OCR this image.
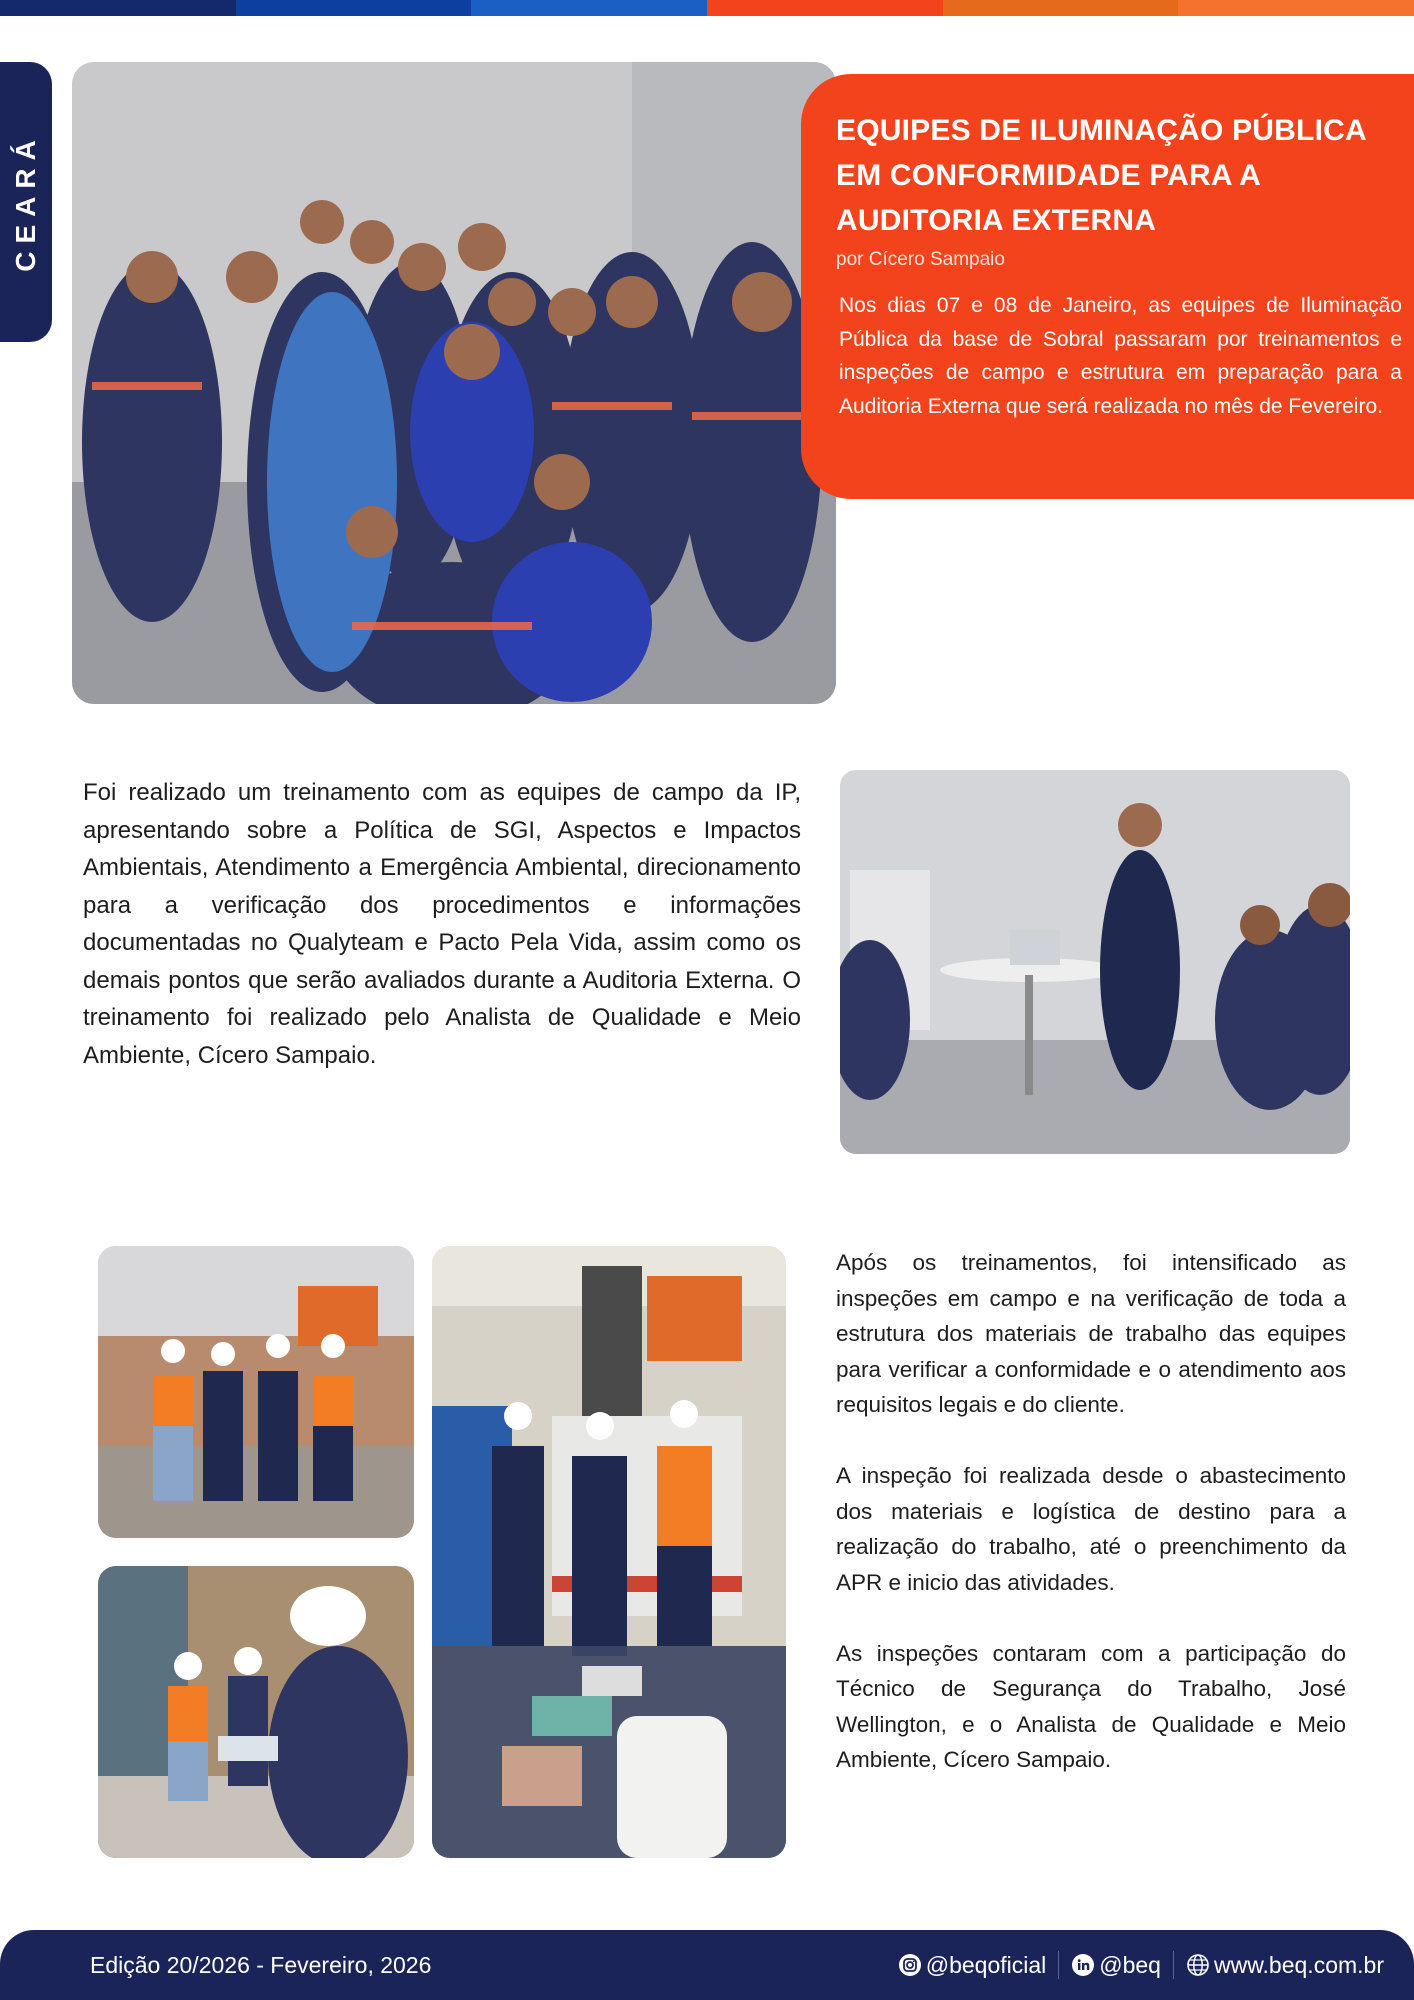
CEARÁ
EQUIPES DE ILUMINAÇÃO PÚBLICA EM CONFORMIDADE PARA A AUDITORIA EXTERNA
por Cícero Sampaio

Nos dias 07 e 08 de Janeiro, as equipes de Iluminação Pública da base de Sobral passaram por treinamentos e inspeções de campo e estrutura em preparação para a Auditoria Externa que será realizada no mês de Fevereiro.

Foi realizado um treinamento com as equipes de campo da IP, apresentando sobre a Política de SGI, Aspectos e Impactos Ambientais, Atendimento a Emergência Ambiental, direcionamento para a verificação dos procedimentos e informações documentadas no Qualyteam e Pacto Pela Vida, assim como os demais pontos que serão avaliados durante a Auditoria Externa. O treinamento foi realizado pelo Analista de Qualidade e Meio Ambiente, Cícero Sampaio.

Após os treinamentos, foi intensificado as inspeções em campo e na verificação de toda a estrutura dos materiais de trabalho das equipes para verificar a conformidade e o atendimento aos requisitos legais e do cliente.

A inspeção foi realizada desde o abastecimento dos materiais e logística de destino para a realização do trabalho, até o preenchimento da APR e inicio das atividades.

As inspeções contaram com a participação do Técnico de Segurança do Trabalho, José Wellington, e o Analista de Qualidade e Meio Ambiente, Cícero Sampaio.

Edição 20/2026 - Fevereiro, 2026	@beqoficial @beq www.beq.com.br
